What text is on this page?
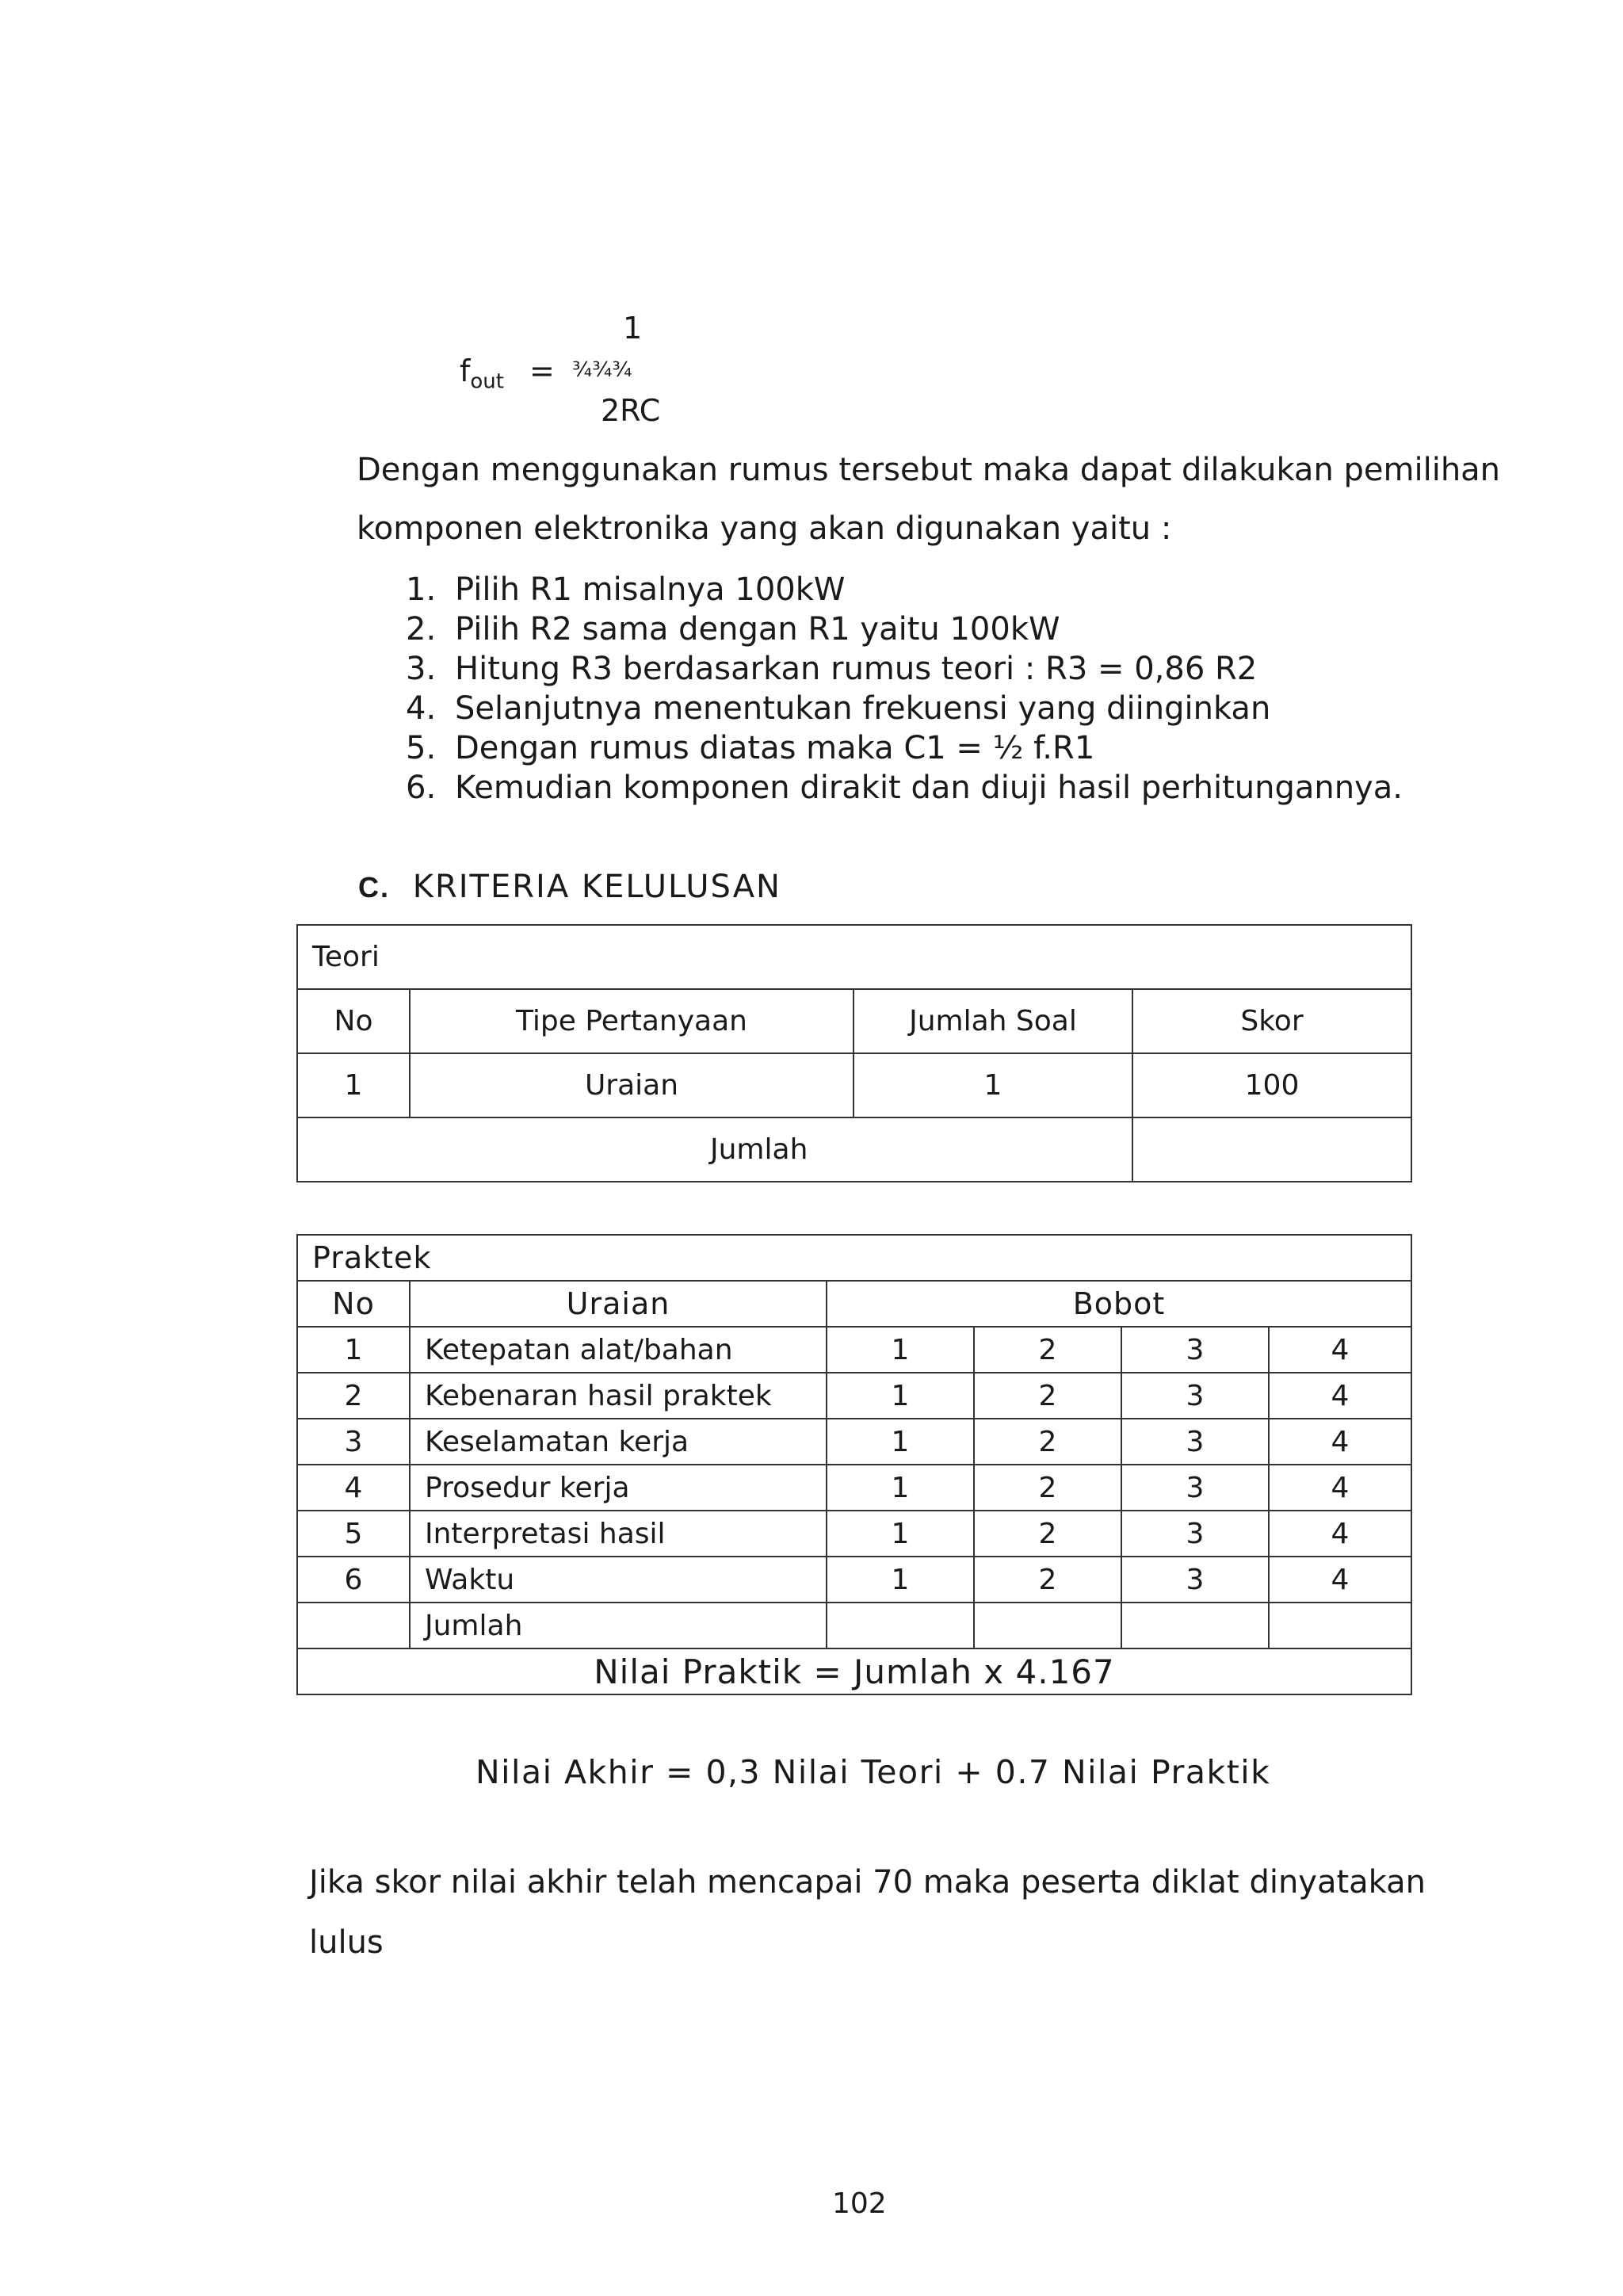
1
$f_{out}$ = ¾¾¾
2RC
Dengan menggunakan rumus tersebut maka dapat dilakukan pemilihan
komponen elektronika yang akan digunakan yaitu :
1. Pilih R1 misalnya 100kW
2. Pilih R2 sama dengan R1 yaitu 100kW
3. Hitung R3 berdasarkan rumus teori : R3 = 0,86 R2
4. Selanjutnya menentukan frekuensi yang diinginkan
5. Dengan rumus diatas maka C1 = ½ f.R1
6. Kemudian komponen dirakit dan diuji hasil perhitungannya.
C. KRITERIA KELULUSAN
Teori			
No	Tipe Pertanyaan	Jumlah Soal	Skor
1	Uraian	1	100
Jumlah			
Praktek					
No	Uraian	Bobot			
1	Ketepatan alat/bahan	1	2	3	4
2	Kebenaran hasil praktek	1	2	3	4
3	Keselamatan kerja	1	2	3	4
4	Prosedur kerja	1	2	3	4
5	Interpretasi hasil	1	2	3	4
6	Waktu	1	2	3	4
	Jumlah				
Nilai Praktik = Jumlah x 4.167					
Nilai Akhir = 0,3 Nilai Teori + 0.7 Nilai Praktik
Jika skor nilai akhir telah mencapai 70 maka peserta diklat dinyatakan
lulus
102
